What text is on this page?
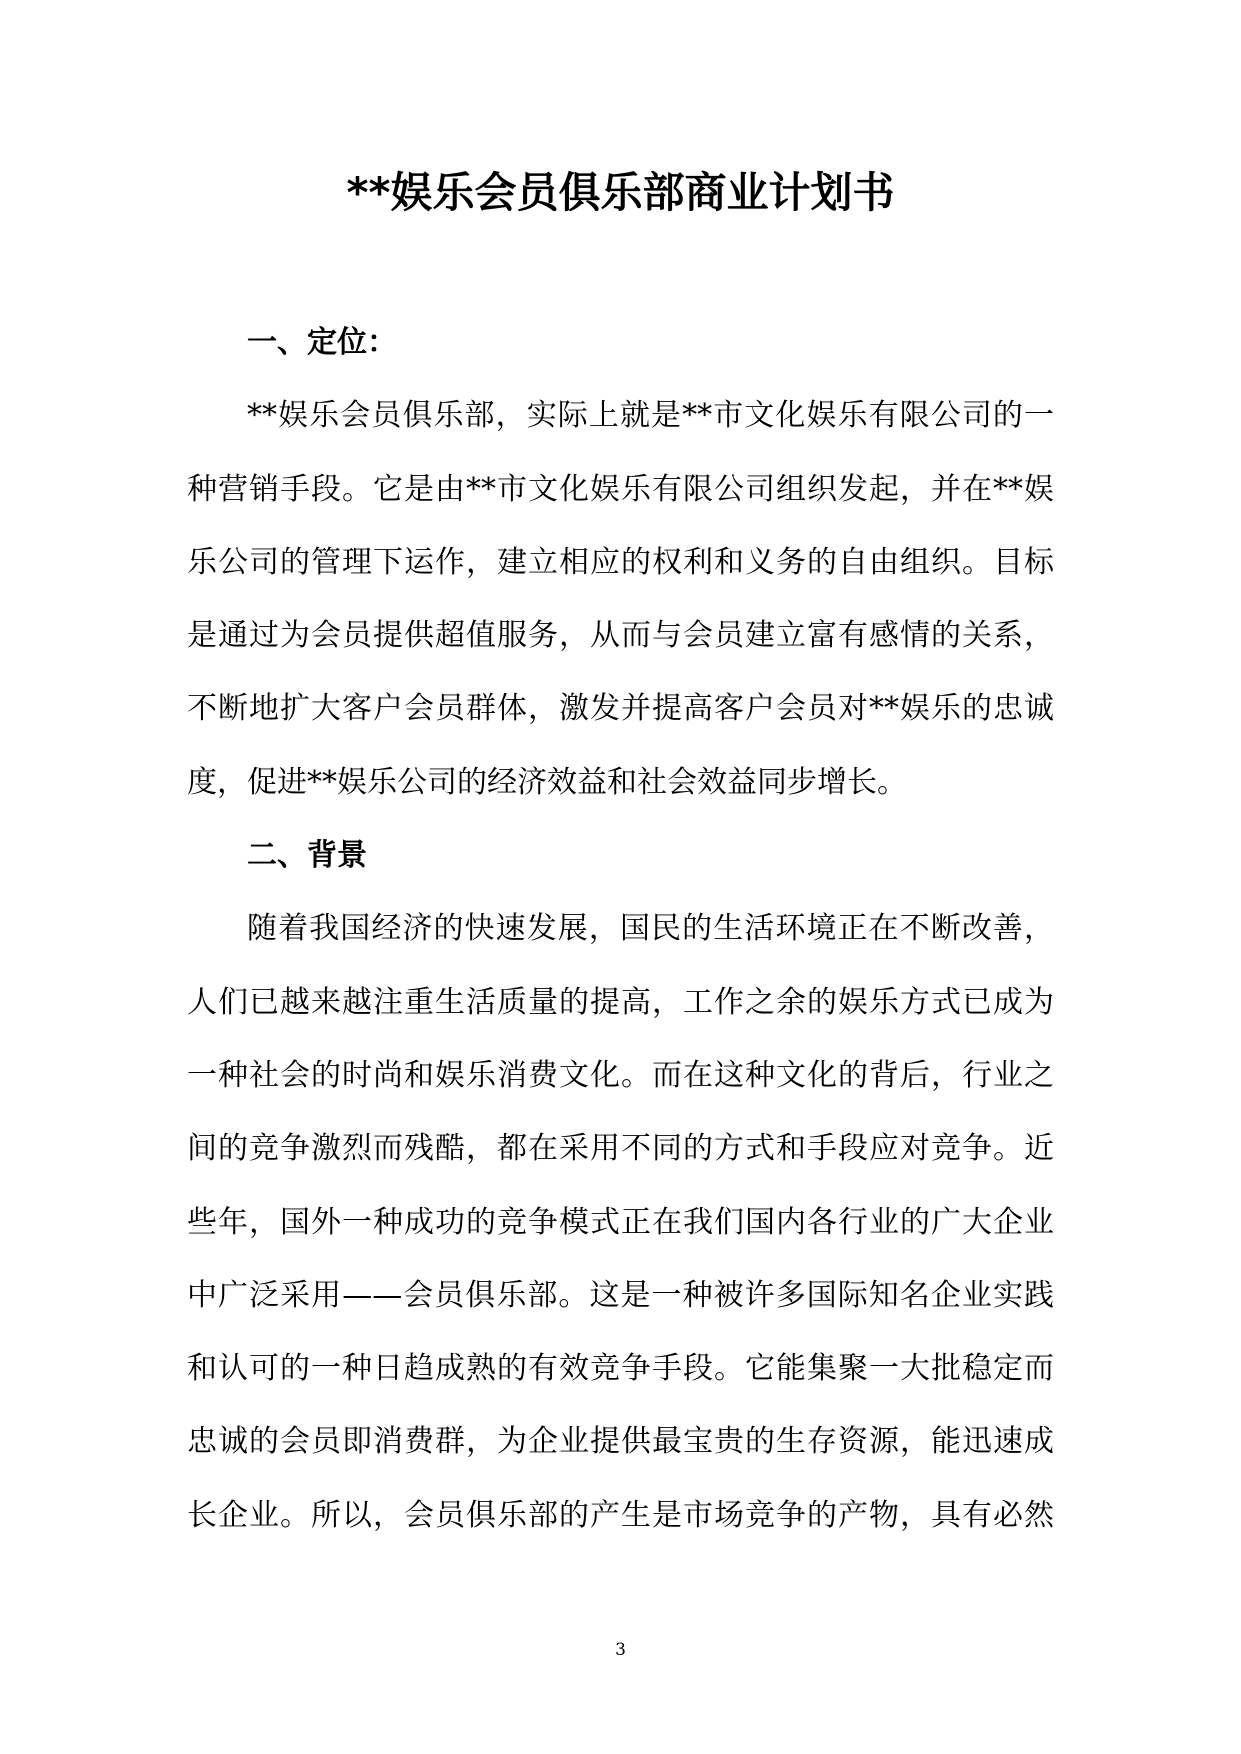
**娱乐会员俱乐部商业计划书
一、定位：
**娱乐会员俱乐部，实际上就是**市文化娱乐有限公司的一
种营销手段。它是由**市文化娱乐有限公司组织发起，并在**娱
乐公司的管理下运作，建立相应的权利和义务的自由组织。目标
是通过为会员提供超值服务，从而与会员建立富有感情的关系，
不断地扩大客户会员群体，激发并提高客户会员对**娱乐的忠诚
度，促进**娱乐公司的经济效益和社会效益同步增长。
二、背景
随着我国经济的快速发展，国民的生活环境正在不断改善，
人们已越来越注重生活质量的提高，工作之余的娱乐方式已成为
一种社会的时尚和娱乐消费文化。而在这种文化的背后，行业之
间的竞争激烈而残酷，都在采用不同的方式和手段应对竞争。近
些年，国外一种成功的竞争模式正在我们国内各行业的广大企业
中广泛采用——会员俱乐部。这是一种被许多国际知名企业实践
和认可的一种日趋成熟的有效竞争手段。它能集聚一大批稳定而
忠诚的会员即消费群，为企业提供最宝贵的生存资源，能迅速成
长企业。所以，会员俱乐部的产生是市场竞争的产物，具有必然
3
